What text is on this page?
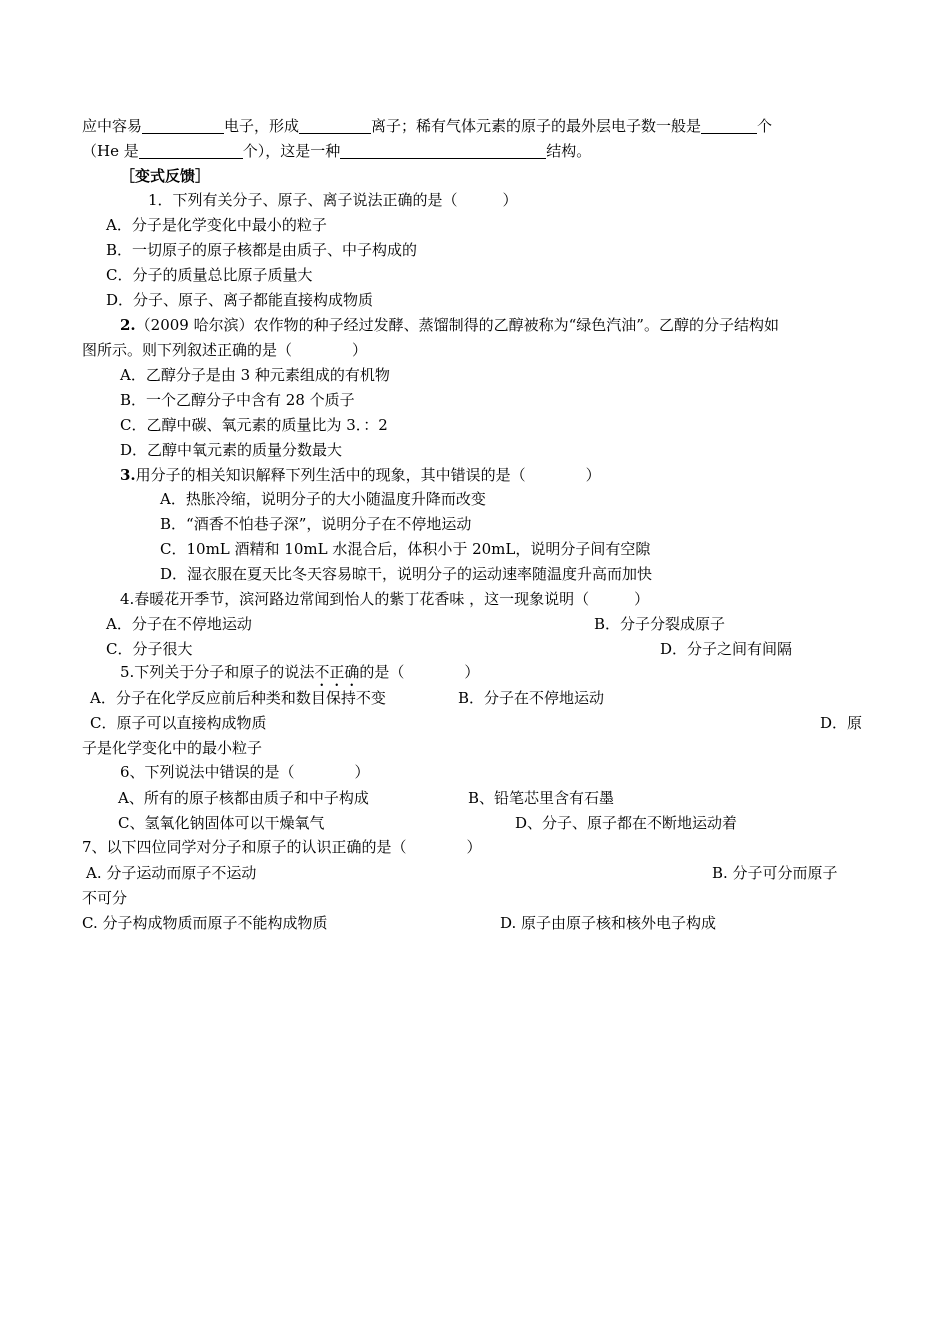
应中容易	电子，形成	离子；稀有气体元素的原子的最外层电子数一般是	个
（He 是	个），这是一种	结构。
［变式反馈］
1．下列有关分子、原子、离子说法正确的是（　　　）
A．分子是化学变化中最小的粒子
B．一切原子的原子核都是由质子、中子构成的
C．分子的质量总比原子质量大
D．分子、原子、离子都能直接构成物质
2.（2009 哈尔滨）农作物的种子经过发酵、蒸馏制得的乙醇被称为“绿色汽油”。乙醇的分子结构如
图所示。则下列叙述正确的是（　　　　）
A．乙醇分子是由 3 种元素组成的有机物
B．一个乙醇分子中含有 28 个质子
C．乙醇中碳、氧元素的质量比为 3．：2
D．乙醇中氧元素的质量分数最大
3.用分子的相关知识解释下列生活中的现象，其中错误的是（　　　　）
A．热胀冷缩，说明分子的大小随温度升降而改变
B．“酒香不怕巷子深”，说明分子在不停地运动
C．10mL 酒精和 10mL 水混合后，体积小于 20mL，说明分子间有空隙
D．湿衣服在夏天比冬天容易晾干，说明分子的运动速率随温度升高而加快
4.春暖花开季节，滨河路边常闻到怡人的紫丁花香味 ，这一现象说明（　　　）
A．分子在不停地运动	B．分子分裂成原子
C．分子很大	D．分子之间有间隔
5.下列关于分子和原子的说法不正确的是（　　　　）
A．分子在化学反应前后种类和数目保持不变	B．分子在不停地运动
C．原子可以直接构成物质	D．原
子是化学变化中的最小粒子
6、下列说法中错误的是（　　　　）
A、所有的原子核都由质子和中子构成	B、铅笔芯里含有石墨
C、氢氧化钠固体可以干燥氧气	D、分子、原子都在不断地运动着
7、以下四位同学对分子和原子的认识正确的是（　　　　）
A. 分子运动而原子不运动	B. 分子可分而原子
不可分
C. 分子构成物质而原子不能构成物质	D. 原子由原子核和核外电子构成
